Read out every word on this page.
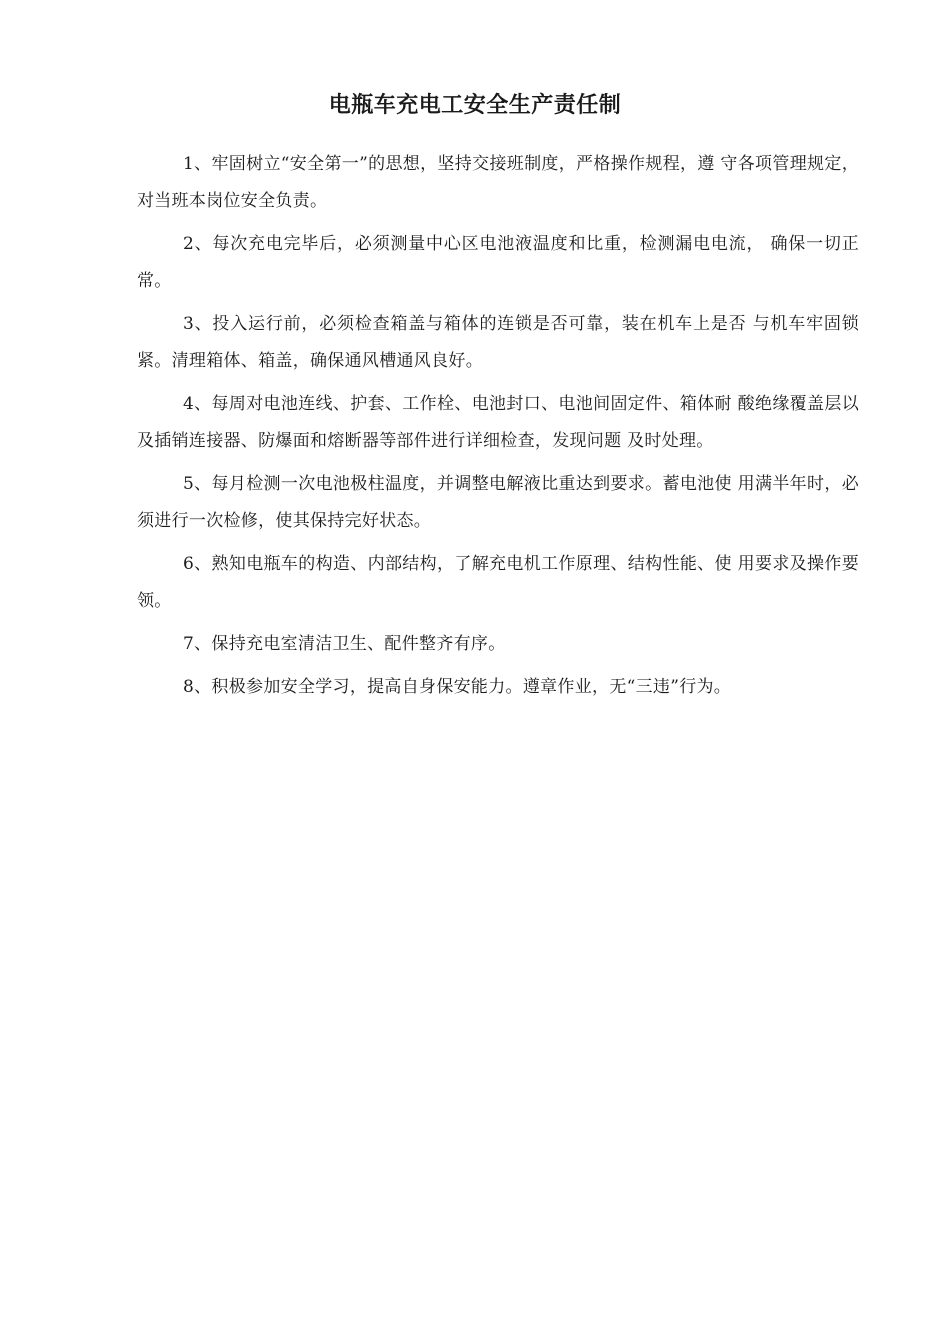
电瓶车充电工安全生产责任制

1、牢固树立“安全第一”的思想，坚持交接班制度，严格操作规程，遵 守各项管理规定，对当班本岗位安全负责。

2、每次充电完毕后，必须测量中心区电池液温度和比重，检测漏电电流， 确保一切正常。

3、投入运行前，必须检查箱盖与箱体的连锁是否可靠，装在机车上是否 与机车牢固锁紧。清理箱体、箱盖，确保通风槽通风良好。

4、每周对电池连线、护套、工作栓、电池封口、电池间固定件、箱体耐 酸绝缘覆盖层以及插销连接器、防爆面和熔断器等部件进行详细检查，发现问题 及时处理。

5、每月检测一次电池极柱温度，并调整电解液比重达到要求。蓄电池使 用满半年时，必须进行一次检修，使其保持完好状态。

6、熟知电瓶车的构造、内部结构，了解充电机工作原理、结构性能、使 用要求及操作要领。

7、保持充电室清洁卫生、配件整齐有序。

8、积极参加安全学习，提高自身保安能力。遵章作业，无“三违”行为。
